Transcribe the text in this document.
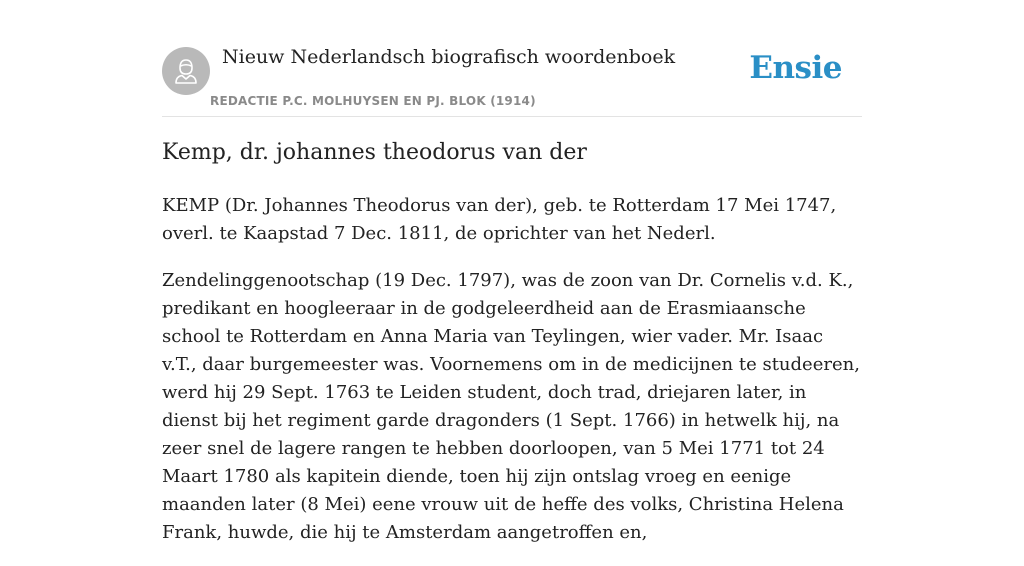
Nieuw Nederlandsch biografisch woordenboek
REDACTIE P.C. MOLHUYSEN EN PJ. BLOK (1914)
Ensie
Kemp, dr. johannes theodorus van der

KEMP (Dr. Johannes Theodorus van der), geb. te Rotterdam 17 Mei 1747, overl. te Kaapstad 7 Dec. 1811, de oprichter van het Nederl.

Zendelinggenootschap (19 Dec. 1797), was de zoon van Dr. Cornelis v.d. K., predikant en hoogleeraar in de godgeleerdheid aan de Erasmiaansche school te Rotterdam en Anna Maria van Teylingen, wier vader. Mr. Isaac v.T., daar burgemeester was. Voornemens om in de medicijnen te studeeren, werd hij 29 Sept. 1763 te Leiden student, doch trad, driejaren later, in dienst bij het regiment garde dragonders (1 Sept. 1766) in hetwelk hij, na zeer snel de lagere rangen te hebben doorloopen, van 5 Mei 1771 tot 24 Maart 1780 als kapitein diende, toen hij zijn ontslag vroeg en eenige maanden later (8 Mei) eene vrouw uit de heffe des volks, Christina Helena Frank, huwde, die hij te Amsterdam aangetroffen en,
